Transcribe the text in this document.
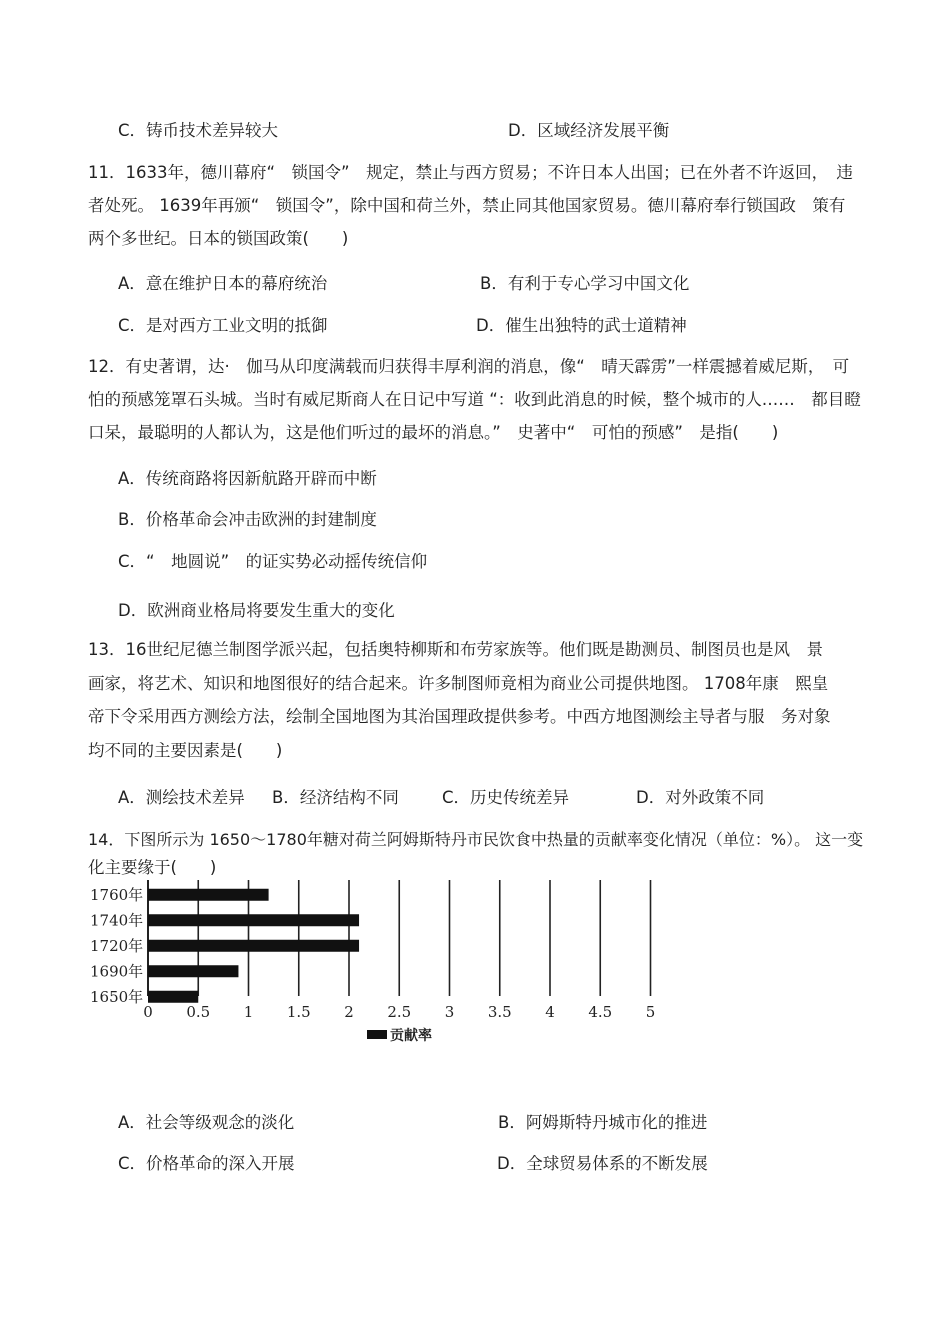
C．铸币技术差异较大	D．区域经济发展平衡
11．1633年，德川幕府“　锁国令”　规定，禁止与西方贸易；不许日本人出国；已在外者不许返回，　违
者处死。 1639年再颁“　锁国令”，除中国和荷兰外，禁止同其他国家贸易。德川幕府奉行锁国政　策有
两个多世纪。日本的锁国政策(　　)
A．意在维护日本的幕府统治	B．有利于专心学习中国文化
C．是对西方工业文明的抵御	D．催生出独特的武士道精神
12．有史著谓，达·　伽马从印度满载而归获得丰厚利润的消息，像“　晴天霹雳”一样震撼着威尼斯，　可
怕的预感笼罩石头城。当时有威尼斯商人在日记中写道 “：收到此消息的时候，整个城市的人……　都目瞪
口呆，最聪明的人都认为，这是他们听过的最坏的消息。”　史著中“　可怕的预感”　是指(　　)
A．传统商路将因新航路开辟而中断
B．价格革命会冲击欧洲的封建制度
C．“　地圆说”　的证实势必动摇传统信仰
D．欧洲商业格局将要发生重大的变化
13．16世纪尼德兰制图学派兴起，包括奥特柳斯和布劳家族等。他们既是勘测员、制图员也是风　景
画家，将艺术、知识和地图很好的结合起来。许多制图师竟相为商业公司提供地图。 1708年康　熙皇
帝下令采用西方测绘方法，绘制全国地图为其治国理政提供参考。中西方地图测绘主导者与服　务对象
均不同的主要因素是(　　)
A．测绘技术差异 B．经济结构不同	C．历史传统差异	D．对外政策不同
14．下图所示为 1650～1780年糖对荷兰阿姆斯特丹市民饮食中热量的贡献率变化情况（单位：%）。 这一变
化主要缘于(　　)
1650年
1690年
1720年
1740年
1760年
0 0.5 1 1.5 2 2.5 3 3.5 4 4.5 5
贡献率
A．社会等级观念的淡化	B．阿姆斯特丹城市化的推进
C．价格革命的深入开展	D．全球贸易体系的不断发展
